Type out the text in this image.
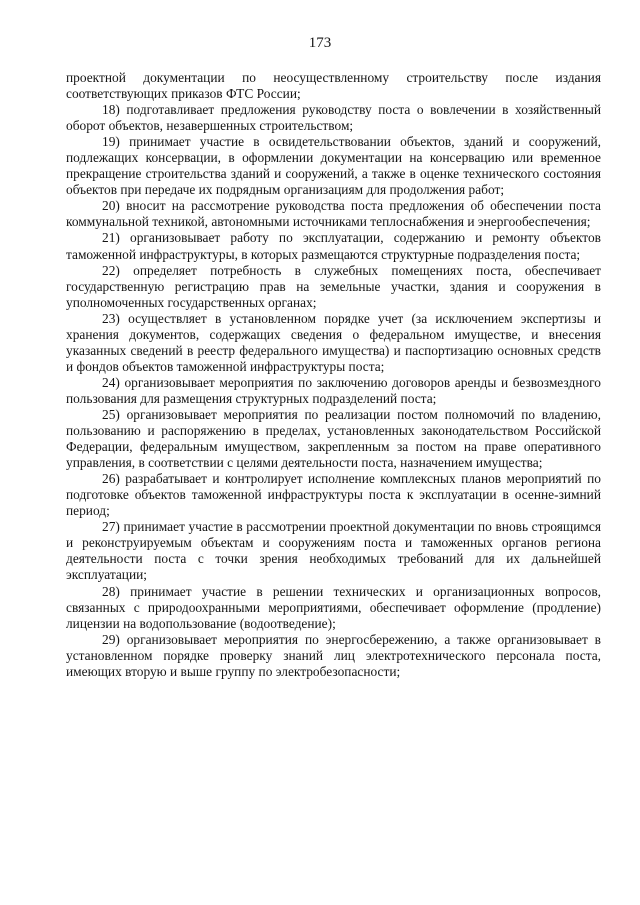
173

проектной документации по неосуществленному строительству после издания соответствующих приказов ФТС России;

18) подготавливает предложения руководству поста о вовлечении в хозяйственный оборот объектов, незавершенных строительством;

19) принимает участие в освидетельствовании объектов, зданий и сооружений, подлежащих консервации, в оформлении документации на консервацию или временное прекращение строительства зданий и сооружений, а также в оценке технического состояния объектов при передаче их подрядным организациям для продолжения работ;

20) вносит на рассмотрение руководства поста предложения об обеспечении поста коммунальной техникой, автономными источниками теплоснабжения и энергообеспечения;

21) организовывает работу по эксплуатации, содержанию и ремонту объектов таможенной инфраструктуры, в которых размещаются структурные подразделения поста;

22) определяет потребность в служебных помещениях поста, обеспечивает государственную регистрацию прав на земельные участки, здания и сооружения в уполномоченных государственных органах;

23) осуществляет в установленном порядке учет (за исключением экспертизы и хранения документов, содержащих сведения о федеральном имуществе, и внесения указанных сведений в реестр федерального имущества) и паспортизацию основных средств и фондов объектов таможенной инфраструктуры поста;

24) организовывает мероприятия по заключению договоров аренды и безвозмездного пользования для размещения структурных подразделений поста;

25) организовывает мероприятия по реализации постом полномочий по владению, пользованию и распоряжению в пределах, установленных законодательством Российской Федерации, федеральным имуществом, закрепленным за постом на праве оперативного управления, в соответствии с целями деятельности поста, назначением имущества;

26) разрабатывает и контролирует исполнение комплексных планов мероприятий по подготовке объектов таможенной инфраструктуры поста к эксплуатации в осенне-зимний период;

27) принимает участие в рассмотрении проектной документации по вновь строящимся и реконструируемым объектам и сооружениям поста и таможенных органов региона деятельности поста с точки зрения необходимых требований для их дальнейшей эксплуатации;

28) принимает участие в решении технических и организационных вопросов, связанных с природоохранными мероприятиями, обеспечивает оформление (продление) лицензии на водопользование (водоотведение);

29) организовывает мероприятия по энергосбережению, а также организовывает в установленном порядке проверку знаний лиц электротехнического персонала поста, имеющих вторую и выше группу по электробезопасности;
